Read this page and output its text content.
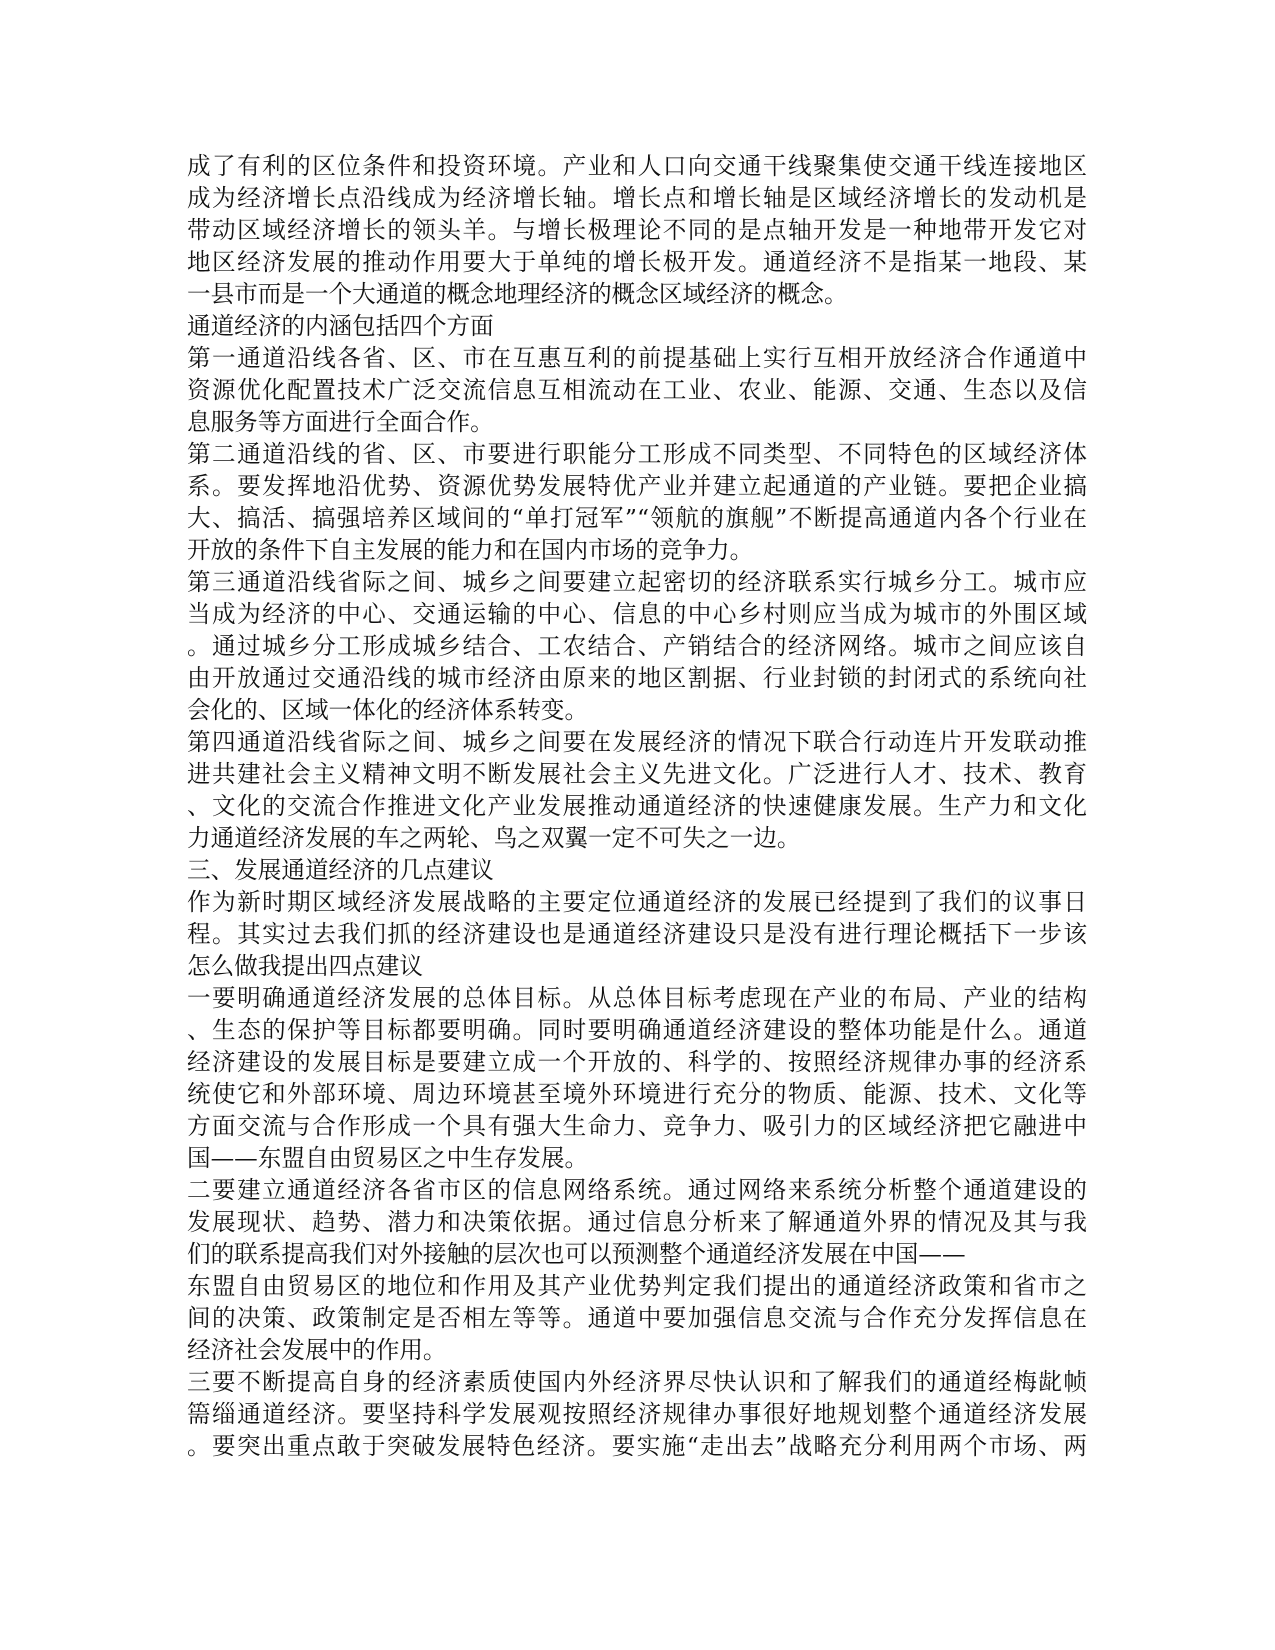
成了有利的区位条件和投资环境。产业和人口向交通干线聚集使交通干线连接地区
成为经济增长点沿线成为经济增长轴。增长点和增长轴是区域经济增长的发动机是
带动区域经济增长的领头羊。与增长极理论不同的是点轴开发是一种地带开发它对
地区经济发展的推动作用要大于单纯的增长极开发。通道经济不是指某一地段、某
一县市而是一个大通道的概念地理经济的概念区域经济的概念。
通道经济的内涵包括四个方面
第一通道沿线各省、区、市在互惠互利的前提基础上实行互相开放经济合作通道中
资源优化配置技术广泛交流信息互相流动在工业、农业、能源、交通、生态以及信
息服务等方面进行全面合作。
第二通道沿线的省、区、市要进行职能分工形成不同类型、不同特色的区域经济体
系。要发挥地沿优势、资源优势发展特优产业并建立起通道的产业链。要把企业搞
大、搞活、搞强培养区域间的“单打冠军”“领航的旗舰”不断提高通道内各个行业在
开放的条件下自主发展的能力和在国内市场的竞争力。
第三通道沿线省际之间、城乡之间要建立起密切的经济联系实行城乡分工。城市应
当成为经济的中心、交通运输的中心、信息的中心乡村则应当成为城市的外围区域
。通过城乡分工形成城乡结合、工农结合、产销结合的经济网络。城市之间应该自
由开放通过交通沿线的城市经济由原来的地区割据、行业封锁的封闭式的系统向社
会化的、区域一体化的经济体系转变。
第四通道沿线省际之间、城乡之间要在发展经济的情况下联合行动连片开发联动推
进共建社会主义精神文明不断发展社会主义先进文化。广泛进行人才、技术、教育
、文化的交流合作推进文化产业发展推动通道经济的快速健康发展。生产力和文化
力通道经济发展的车之两轮、鸟之双翼一定不可失之一边。
三、发展通道经济的几点建议
作为新时期区域经济发展战略的主要定位通道经济的发展已经提到了我们的议事日
程。其实过去我们抓的经济建设也是通道经济建设只是没有进行理论概括下一步该
怎么做我提出四点建议
一要明确通道经济发展的总体目标。从总体目标考虑现在产业的布局、产业的结构
、生态的保护等目标都要明确。同时要明确通道经济建设的整体功能是什么。通道
经济建设的发展目标是要建立成一个开放的、科学的、按照经济规律办事的经济系
统使它和外部环境、周边环境甚至境外环境进行充分的物质、能源、技术、文化等
方面交流与合作形成一个具有强大生命力、竞争力、吸引力的区域经济把它融进中
国——东盟自由贸易区之中生存发展。
二要建立通道经济各省市区的信息网络系统。通过网络来系统分析整个通道建设的
发展现状、趋势、潜力和决策依据。通过信息分析来了解通道外界的情况及其与我
们的联系提高我们对外接触的层次也可以预测整个通道经济发展在中国——
东盟自由贸易区的地位和作用及其产业优势判定我们提出的通道经济政策和省市之
间的决策、政策制定是否相左等等。通道中要加强信息交流与合作充分发挥信息在
经济社会发展中的作用。
三要不断提高自身的经济素质使国内外经济界尽快认识和了解我们的通道经梅龀帧
篅缁通道经济。要坚持科学发展观按照经济规律办事很好地规划整个通道经济发展
。要突出重点敢于突破发展特色经济。要实施“走出去”战略充分利用两个市场、两
